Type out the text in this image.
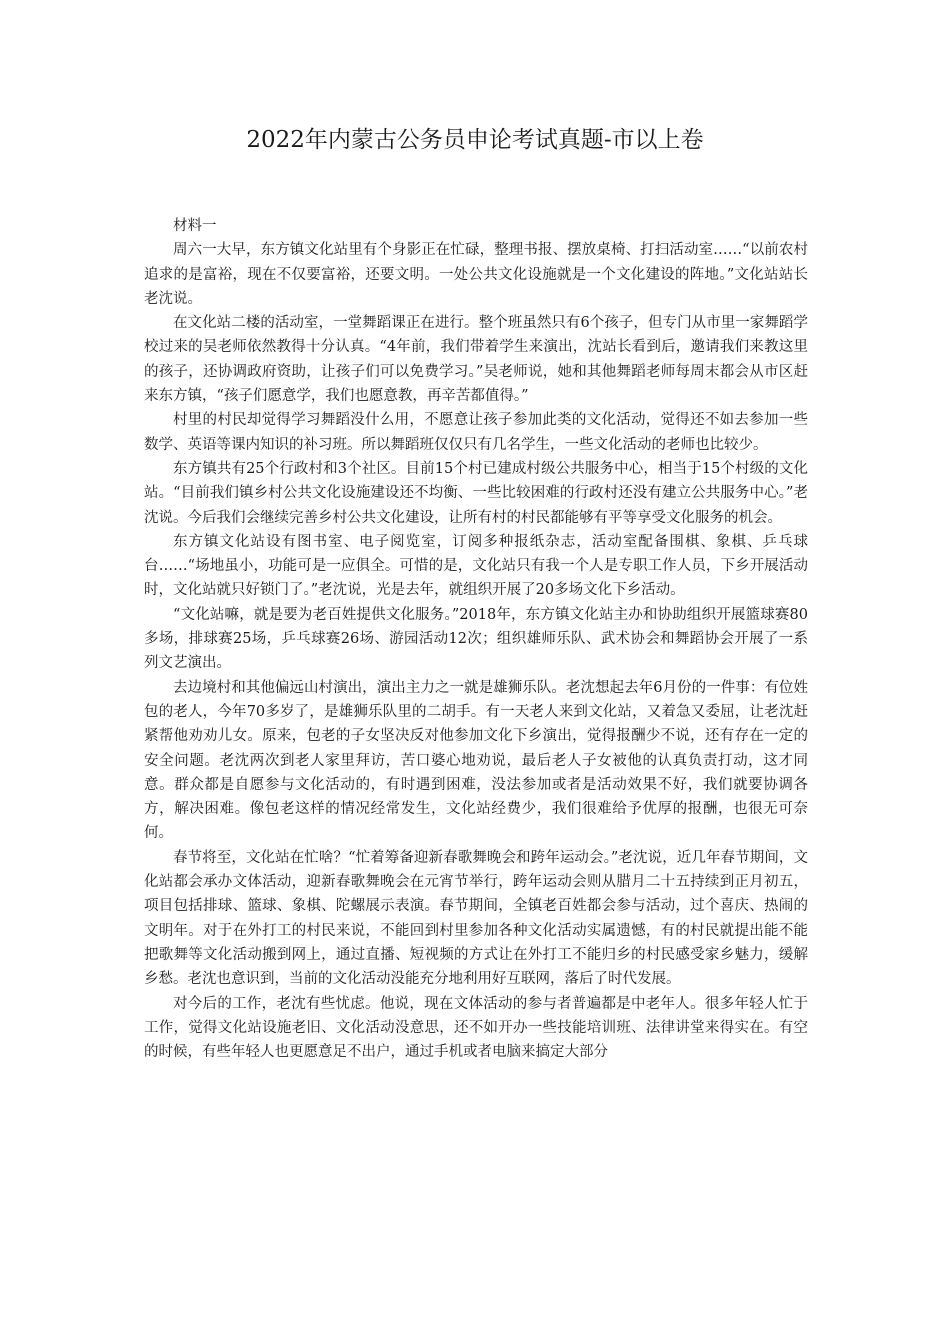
2022年内蒙古公务员申论考试真题-市以上卷

材料一

周六一大早，东方镇文化站里有个身影正在忙碌，整理书报、摆放桌椅、打扫活动室……“以前农村追求的是富裕，现在不仅要富裕，还要文明。一处公共文化设施就是一个文化建设的阵地。”文化站站长老沈说。

在文化站二楼的活动室，一堂舞蹈课正在进行。整个班虽然只有6个孩子，但专门从市里一家舞蹈学校过来的吴老师依然教得十分认真。“4年前，我们带着学生来演出，沈站长看到后，邀请我们来教这里的孩子，还协调政府资助，让孩子们可以免费学习。”吴老师说，她和其他舞蹈老师每周末都会从市区赶来东方镇，“孩子们愿意学，我们也愿意教，再辛苦都值得。”

村里的村民却觉得学习舞蹈没什么用，不愿意让孩子参加此类的文化活动，觉得还不如去参加一些数学、英语等课内知识的补习班。所以舞蹈班仅仅只有几名学生，一些文化活动的老师也比较少。

东方镇共有25个行政村和3个社区。目前15个村已建成村级公共服务中心，相当于15个村级的文化站。“目前我们镇乡村公共文化设施建设还不均衡、一些比较困难的行政村还没有建立公共服务中心。”老沈说。今后我们会继续完善乡村公共文化建设，让所有村的村民都能够有平等享受文化服务的机会。

东方镇文化站设有图书室、电子阅览室，订阅多种报纸杂志，活动室配备围棋、象棋、乒乓球台……“场地虽小，功能可是一应俱全。可惜的是，文化站只有我一个人是专职工作人员，下乡开展活动时，文化站就只好锁门了。”老沈说，光是去年，就组织开展了20多场文化下乡活动。

“文化站嘛，就是要为老百姓提供文化服务。”2018年，东方镇文化站主办和协助组织开展篮球赛80多场，排球赛25场，乒乓球赛26场、游园活动12次；组织雄师乐队、武术协会和舞蹈协会开展了一系列文艺演出。

去边境村和其他偏远山村演出，演出主力之一就是雄狮乐队。老沈想起去年6月份的一件事：有位姓包的老人，今年70多岁了，是雄狮乐队里的二胡手。有一天老人来到文化站，又着急又委屈，让老沈赶紧帮他劝劝儿女。原来，包老的子女坚决反对他参加文化下乡演出，觉得报酬少不说，还有存在一定的安全问题。老沈两次到老人家里拜访，苦口婆心地劝说，最后老人子女被他的认真负责打动，这才同意。群众都是自愿参与文化活动的，有时遇到困难，没法参加或者是活动效果不好，我们就要协调各方，解决困难。像包老这样的情况经常发生，文化站经费少，我们很难给予优厚的报酬，也很无可奈何。

春节将至，文化站在忙啥？“忙着筹备迎新春歌舞晚会和跨年运动会。”老沈说，近几年春节期间，文化站都会承办文体活动，迎新春歌舞晚会在元宵节举行，跨年运动会则从腊月二十五持续到正月初五，项目包括排球、篮球、象棋、陀螺展示表演。春节期间，全镇老百姓都会参与活动，过个喜庆、热闹的文明年。对于在外打工的村民来说，不能回到村里参加各种文化活动实属遗憾，有的村民就提出能不能把歌舞等文化活动搬到网上，通过直播、短视频的方式让在外打工不能归乡的村民感受家乡魅力，缓解乡愁。老沈也意识到，当前的文化活动没能充分地利用好互联网，落后了时代发展。

对今后的工作，老沈有些忧虑。他说，现在文体活动的参与者普遍都是中老年人。很多年轻人忙于工作，觉得文化站设施老旧、文化活动没意思，还不如开办一些技能培训班、法律讲堂来得实在。有空的时候，有些年轻人也更愿意足不出户，通过手机或者电脑来搞定大部分
